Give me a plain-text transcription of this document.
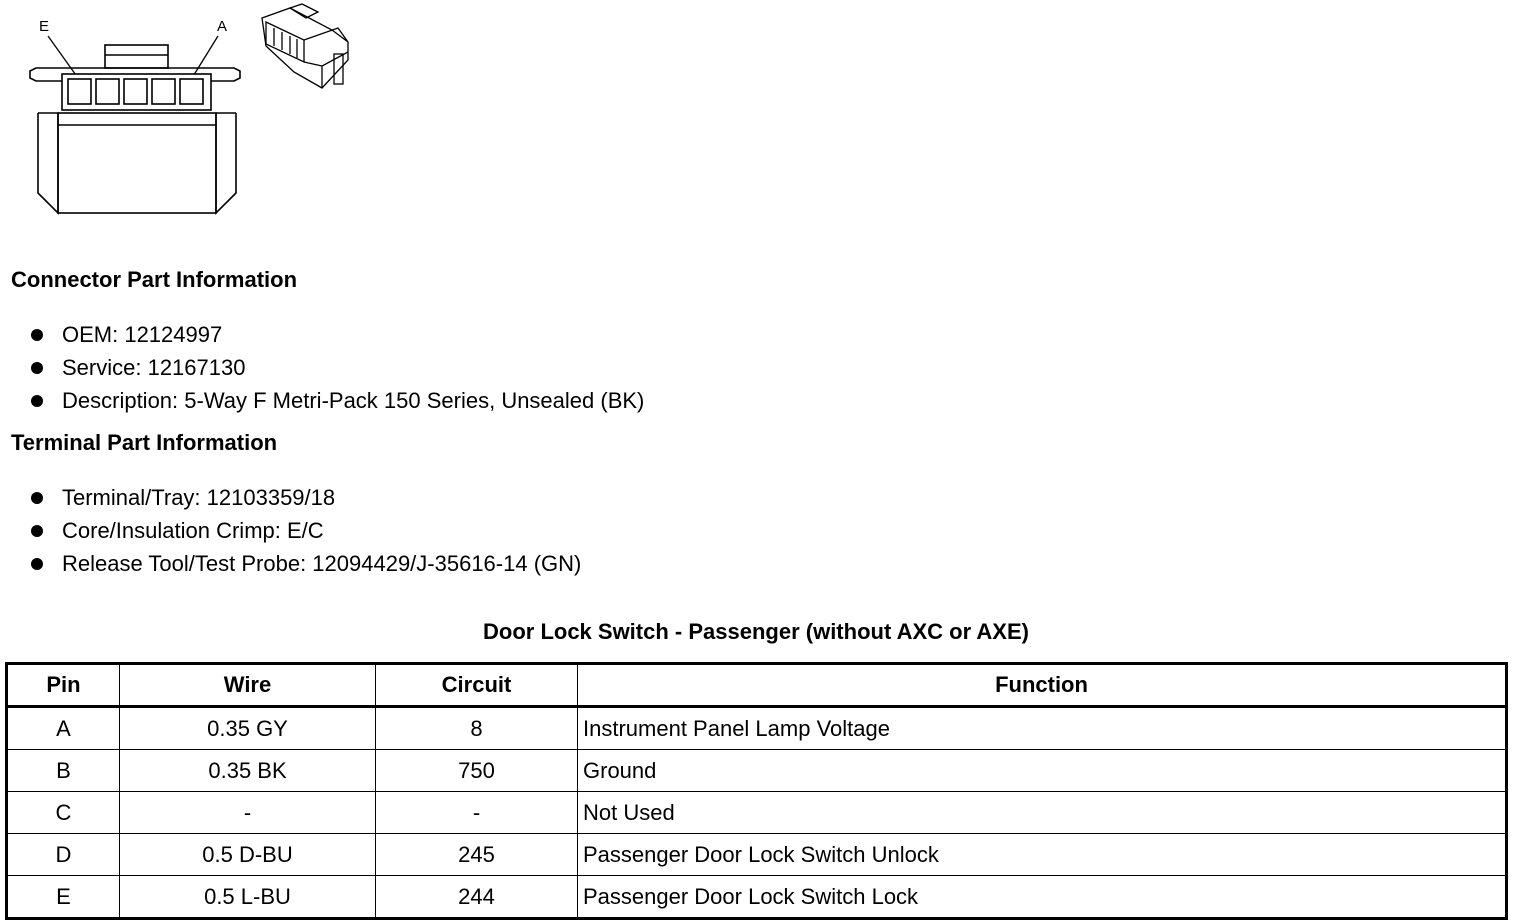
E	A
Connector Part Information
OEM: 12124997
Service: 12167130
Description: 5-Way F Metri-Pack 150 Series, Unsealed (BK)
Terminal Part Information
Terminal/Tray: 12103359/18
Core/Insulation Crimp: E/C
Release Tool/Test Probe: 12094429/J-35616-14 (GN)
Door Lock Switch - Passenger (without AXC or AXE)
Pin	Wire	Circuit	Function
A	0.35 GY	8	Instrument Panel Lamp Voltage
B	0.35 BK	750	Ground
C	-	-	Not Used
D	0.5 D-BU	245	Passenger Door Lock Switch Unlock
E	0.5 L-BU	244	Passenger Door Lock Switch Lock
